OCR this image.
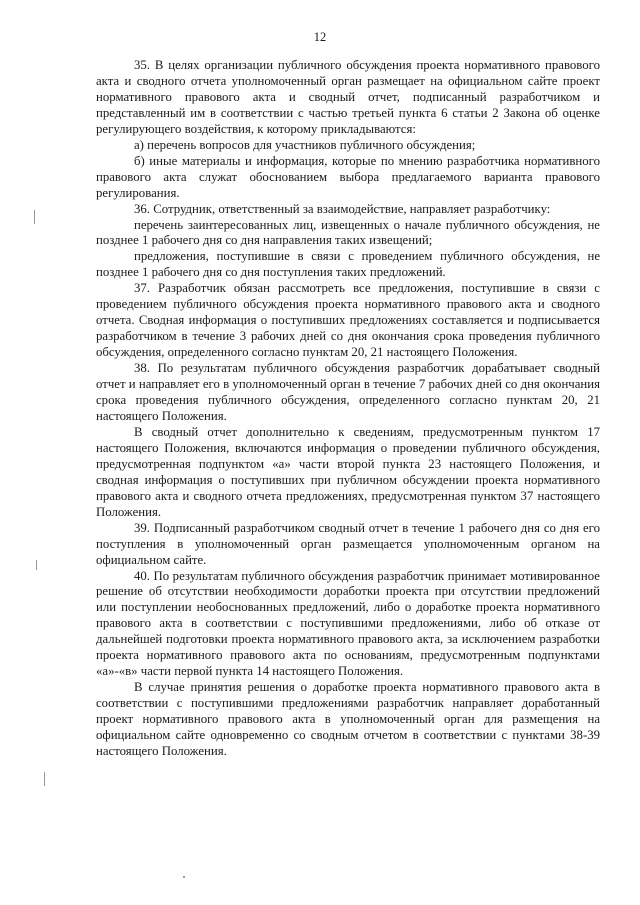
12

35. В целях организации публичного обсуждения проекта нормативного правового акта и сводного отчета уполномоченный орган размещает на официальном сайте проект нормативного правового акта и сводный отчет, подписанный разработчиком и представленный им в соответствии с частью третьей пункта 6 статьи 2 Закона об оценке регулирующего воздействия, к которому прикладываются:

а) перечень вопросов для участников публичного обсуждения;

б) иные материалы и информация, которые по мнению разработчика нормативного правового акта служат обоснованием выбора предлагаемого варианта правового регулирования.

36. Сотрудник, ответственный за взаимодействие, направляет разработчику:

перечень заинтересованных лиц, извещенных о начале публичного обсуждения, не позднее 1 рабочего дня со дня направления таких извещений;

предложения, поступившие в связи с проведением публичного обсуждения, не позднее 1 рабочего дня со дня поступления таких предложений.

37. Разработчик обязан рассмотреть все предложения, поступившие в связи с проведением публичного обсуждения проекта нормативного правового акта и сводного отчета. Сводная информация о поступивших предложениях составляется и подписывается разработчиком в течение 3 рабочих дней со дня окончания срока проведения публичного обсуждения, определенного согласно пунктам 20, 21 настоящего Положения.

38. По результатам публичного обсуждения разработчик дорабатывает сводный отчет и направляет его в уполномоченный орган в течение 7 рабочих дней со дня окончания срока проведения публичного обсуждения, определенного согласно пунктам 20, 21 настоящего Положения.

В сводный отчет дополнительно к сведениям, предусмотренным пунктом 17 настоящего Положения, включаются информация о проведении публичного обсуждения, предусмотренная подпунктом «а» части второй пункта 23 настоящего Положения, и сводная информация о поступивших при публичном обсуждении проекта нормативного правового акта и сводного отчета предложениях, предусмотренная пунктом 37 настоящего Положения.

39. Подписанный разработчиком сводный отчет в течение 1 рабочего дня со дня его поступления в уполномоченный орган размещается уполномоченным органом на официальном сайте.

40. По результатам публичного обсуждения разработчик принимает мотивированное решение об отсутствии необходимости доработки проекта при отсутствии предложений или поступлении необоснованных предложений, либо о доработке проекта нормативного правового акта в соответствии с поступившими предложениями, либо об отказе от дальнейшей подготовки проекта нормативного правового акта, за исключением разработки проекта нормативного правового акта по основаниям, предусмотренным подпунктами «а»-«в» части первой пункта 14 настоящего Положения.

В случае принятия решения о доработке проекта нормативного правового акта в соответствии с поступившими предложениями разработчик направляет доработанный проект нормативного правового акта в уполномоченный орган для размещения на официальном сайте одновременно со сводным отчетом в соответствии с пунктами 38-39 настоящего Положения.
